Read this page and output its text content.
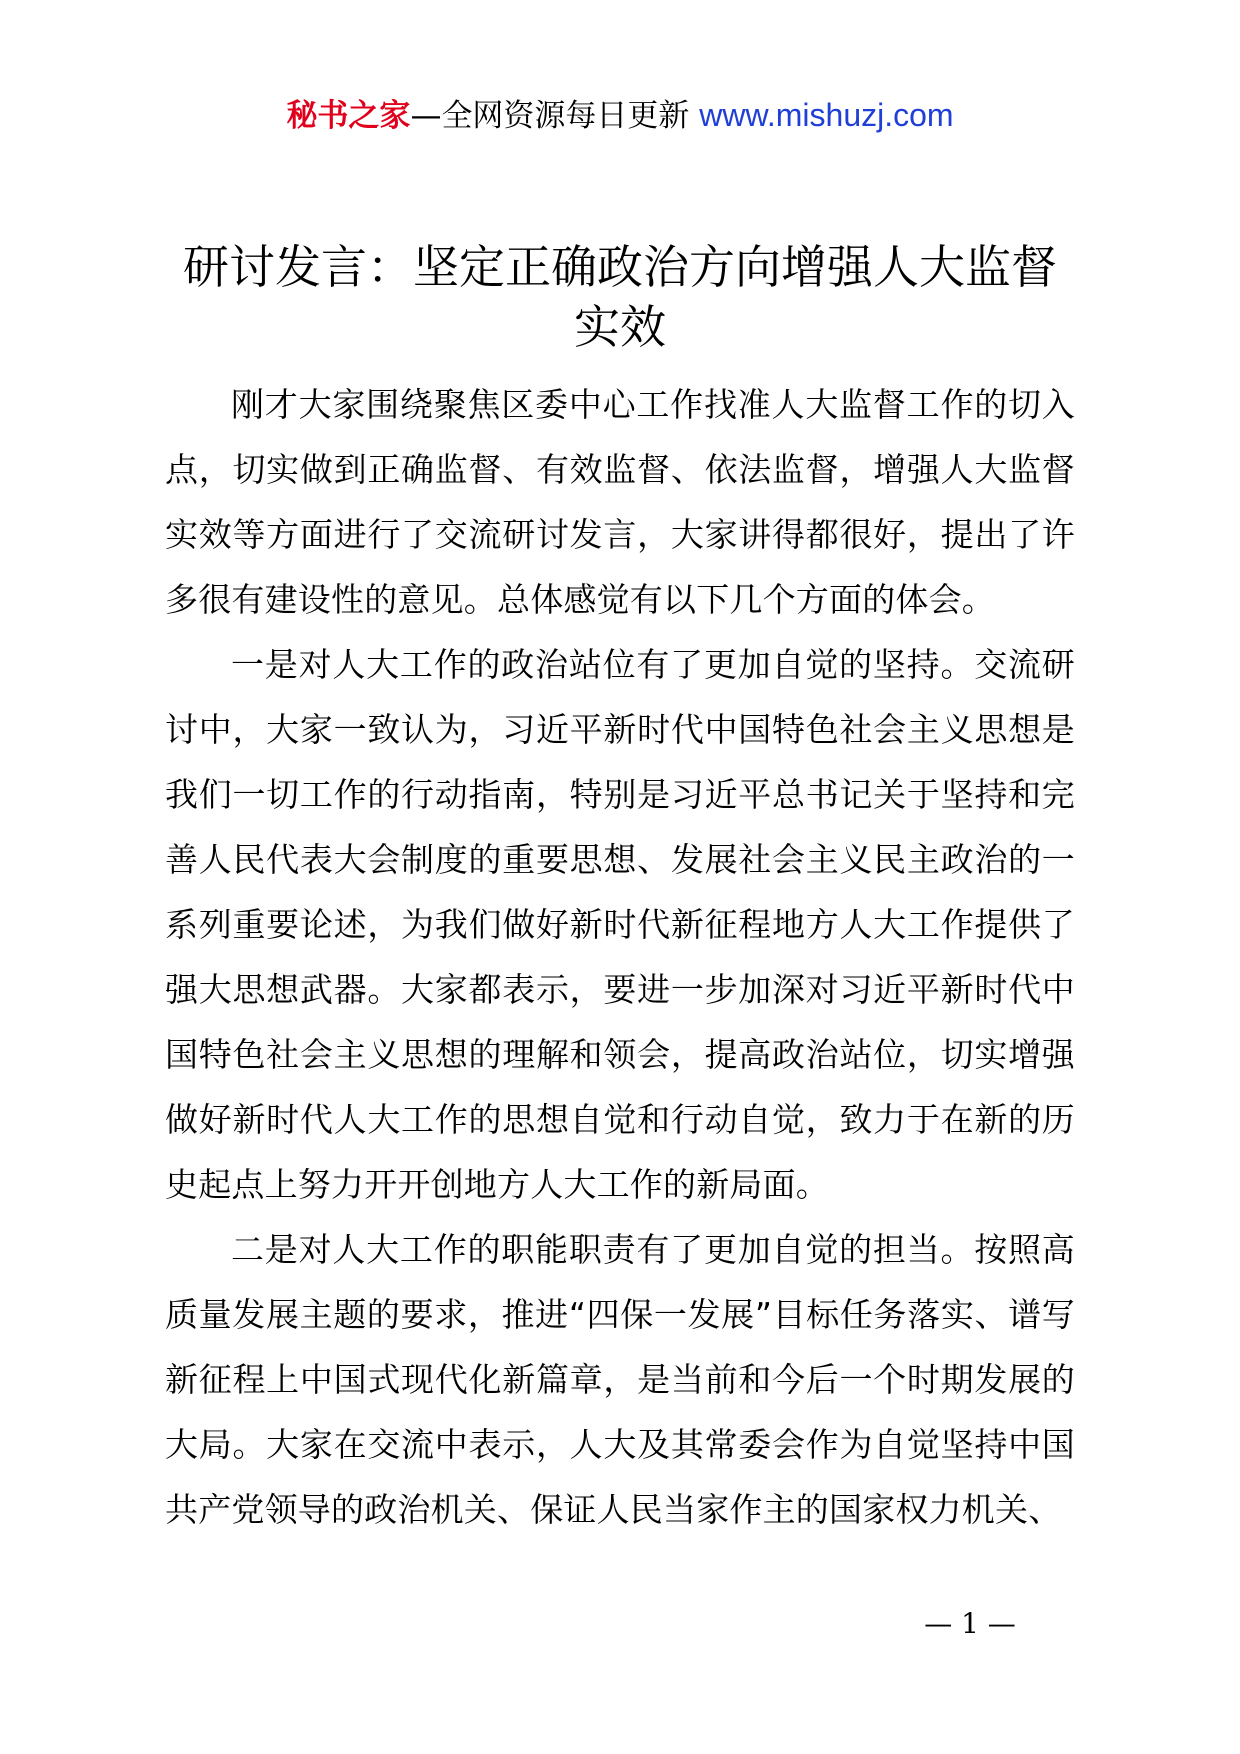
秘书之家—全网资源每日更新 www.mishuzj.com
研讨发言：坚定正确政治方向增强人大监督实效

刚才大家围绕聚焦区委中心工作找准人大监督工作的切入点，切实做到正确监督、有效监督、依法监督，增强人大监督实效等方面进行了交流研讨发言，大家讲得都很好，提出了许多很有建设性的意见。总体感觉有以下几个方面的体会。

一是对人大工作的政治站位有了更加自觉的坚持。交流研讨中，大家一致认为，习近平新时代中国特色社会主义思想是我们一切工作的行动指南，特别是习近平总书记关于坚持和完善人民代表大会制度的重要思想、发展社会主义民主政治的一系列重要论述，为我们做好新时代新征程地方人大工作提供了强大思想武器。大家都表示，要进一步加深对习近平新时代中国特色社会主义思想的理解和领会，提高政治站位，切实增强做好新时代人大工作的思想自觉和行动自觉，致力于在新的历史起点上努力开开创地方人大工作的新局面。

二是对人大工作的职能职责有了更加自觉的担当。按照高质量发展主题的要求，推进“四保一发展”目标任务落实、谱写新征程上中国式现代化新篇章，是当前和今后一个时期发展的大局。大家在交流中表示，人大及其常委会作为自觉坚持中国共产党领导的政治机关、保证人民当家作主的国家权力机关、

— 1 —
